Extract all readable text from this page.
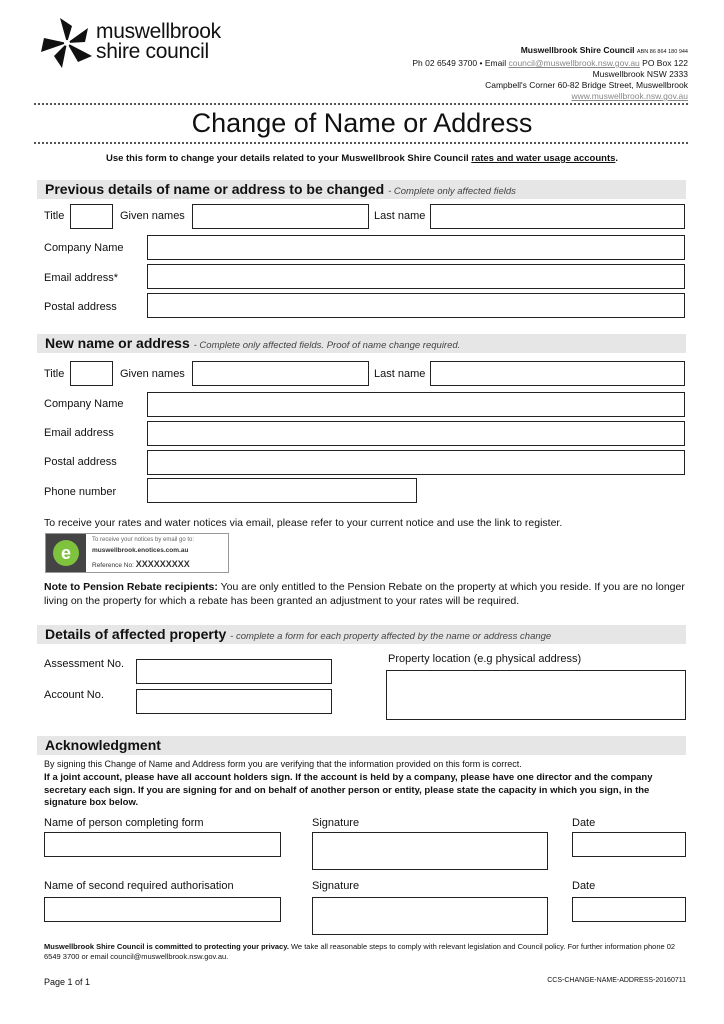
muswellbrook
shire council	Muswellbrook Shire Council ABN 86 864 180 944
Ph 02 6549 3700 • Email council@muswellbrook.nsw.gov.au PO Box 122
Muswellbrook NSW 2333
Campbell's Corner 60-82 Bridge Street, Muswellbrook
www.muswellbrook.nsw.gov.au
Change of Name or Address
Use this form to change your details related to your Muswellbrook Shire Council rates and water usage accounts.
Previous details of name or address to be changed - Complete only affected fields
Title	Given names	Last name
Company Name
Email address*
Postal address
New name or address - Complete only affected fields. Proof of name change required.
Title	Given names	Last name
Company Name
Email address
Postal address
Phone number
To receive your rates and water notices via email, please refer to your current notice and use the link to register.
e
To receive your notices by email go to:
muswellbrook.enotices.com.au
Reference No: XXXXXXXXX
Note to Pension Rebate recipients: You are only entitled to the Pension Rebate on the property at which you reside. If you are no longer living on the property for which a rebate has been granted an adjustment to your rates will be required.
Details of affected property - complete a form for each property affected by the name or address change
Assessment No.
Account No.
Property location (e.g physical address)
Acknowledgment
By signing this Change of Name and Address form you are verifying that the information provided on this form is correct.
If a joint account, please have all account holders sign. If the account is held by a company, please have one director and the company secretary each sign. If you are signing for and on behalf of another person or entity, please state the capacity in which you sign, in the signature box below.
Name of person completing form	Signature	Date
Name of second required authorisation	Signature	Date
Muswellbrook Shire Council is committed to protecting your privacy. We take all reasonable steps to comply with relevant legislation and Council policy. For further information phone 02 6549 3700 or email council@muswellbrook.nsw.gov.au.
Page 1 of 1	CCS-CHANGE-NAME-ADDRESS-20160711
